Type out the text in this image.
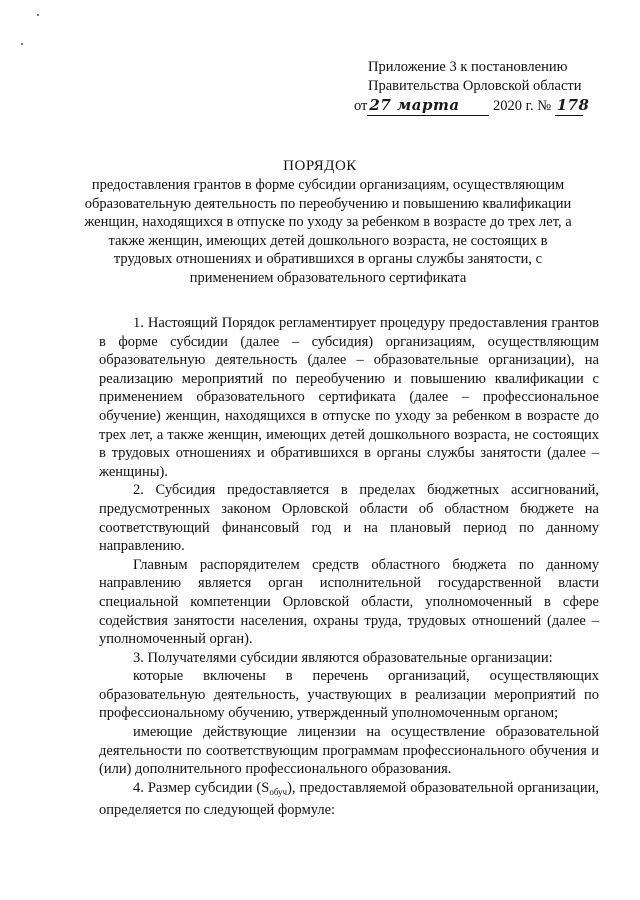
Приложение 3 к постановлению
Правительства Орловской области
от 27 марта 2020 г. № 178
ПОРЯДОК
предоставления грантов в форме субсидии организациям, осуществляющим образовательную деятельность по переобучению и повышению квалификации женщин, находящихся в отпуске по уходу за ребенком в возрасте до трех лет, а также женщин, имеющих детей дошкольного возраста, не состоящих в трудовых отношениях и обратившихся в органы службы занятости, с применением образовательного сертификата

1. Настоящий Порядок регламентирует процедуру предоставления грантов в форме субсидии (далее – субсидия) организациям, осуществляющим образовательную деятельность (далее – образовательные организации), на реализацию мероприятий по переобучению и повышению квалификации с применением образовательного сертификата (далее – профессиональное обучение) женщин, находящихся в отпуске по уходу за ребенком в возрасте до трех лет, а также женщин, имеющих детей дошкольного возраста, не состоящих в трудовых отношениях и обратившихся в органы службы занятости (далее – женщины).

2. Субсидия предоставляется в пределах бюджетных ассигнований, предусмотренных законом Орловской области об областном бюджете на соответствующий финансовый год и на плановый период по данному направлению.

Главным распорядителем средств областного бюджета по данному направлению является орган исполнительной государственной власти специальной компетенции Орловской области, уполномоченный в сфере содействия занятости населения, охраны труда, трудовых отношений (далее – уполномоченный орган).

3. Получателями субсидии являются образовательные организации:

которые включены в перечень организаций, осуществляющих образовательную деятельность, участвующих в реализации мероприятий по профессиональному обучению, утвержденный уполномоченным органом;

имеющие действующие лицензии на осуществление образовательной деятельности по соответствующим программам профессионального обучения и (или) дополнительного профессионального образования.

4. Размер субсидии $(S_{обуч})$, предоставляемой образовательной организации, определяется по следующей формуле:
